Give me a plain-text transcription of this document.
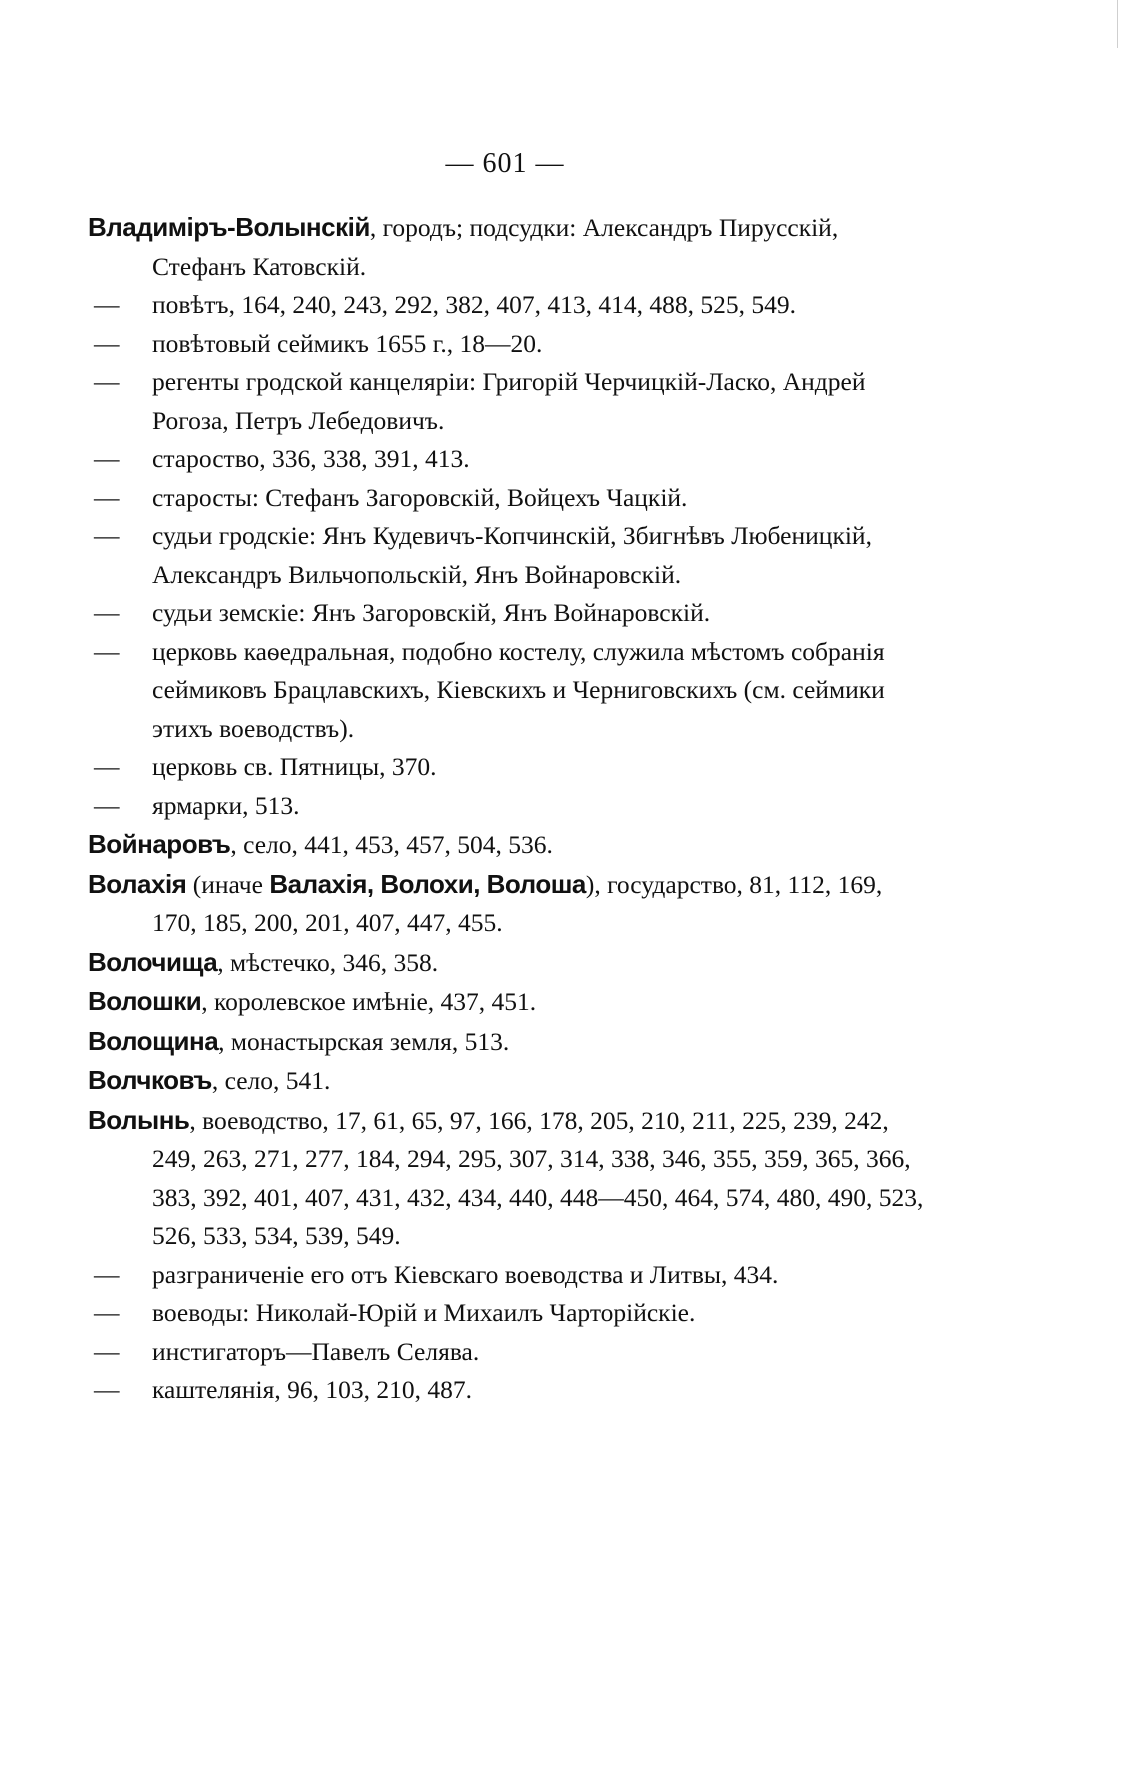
— 601 —

Владиміръ-Волынскій, городъ; подсудки: Александръ Пирусскій, Стефанъ Катовскій.

— повѣтъ, 164, 240, 243, 292, 382, 407, 413, 414, 488, 525, 549.

— повѣтовый сеймикъ 1655 г., 18—20.

— регенты гродской канцеляріи: Григорій Черчицкій-Ласко, Андрей Рогоза, Петръ Лебедовичъ.

— староство, 336, 338, 391, 413.

— старосты: Стефанъ Загоровскій, Войцехъ Чацкій.

— судьи гродскіе: Янъ Кудевичъ-Копчинскій, Збигнѣвъ Любеницкій, Александръ Вильчопольскій, Янъ Войнаровскій.

— судьи земскіе: Янъ Загоровскій, Янъ Войнаровскій.

— церковь каѳедральная, подобно костелу, служила мѣстомъ собранія сеймиковъ Брацлавскихъ, Кіевскихъ и Черниговскихъ (см. сеймики этихъ воеводствъ).

— церковь св. Пятницы, 370.

— ярмарки, 513.

Войнаровъ, село, 441, 453, 457, 504, 536.

Волахія (иначе Валахія, Волохи, Волоша), государство, 81, 112, 169, 170, 185, 200, 201, 407, 447, 455.

Волочища, мѣстечко, 346, 358.

Волошки, королевское имѣніе, 437, 451.

Волощина, монастырская земля, 513.

Волчковъ, село, 541.

Волынь, воеводство, 17, 61, 65, 97, 166, 178, 205, 210, 211, 225, 239, 242, 249, 263, 271, 277, 184, 294, 295, 307, 314, 338, 346, 355, 359, 365, 366, 383, 392, 401, 407, 431, 432, 434, 440, 448—450, 464, 574, 480, 490, 523, 526, 533, 534, 539, 549.

— разграниченіе его отъ Кіевскаго воеводства и Литвы, 434.

— воеводы: Николай-Юрій и Михаилъ Чарторійскіе.

— инстигаторъ—Павелъ Селява.

— каштелянія, 96, 103, 210, 487.
